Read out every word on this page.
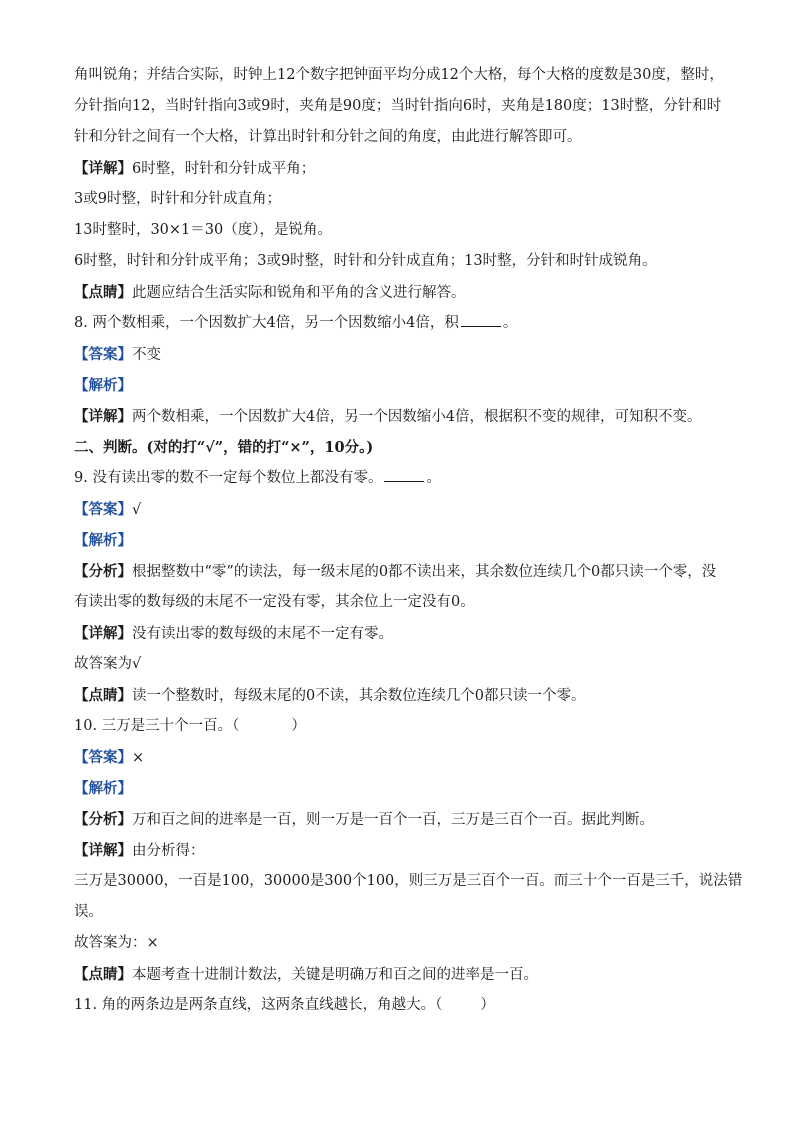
角叫锐角；并结合实际，时钟上12个数字把钟面平均分成12个大格，每个大格的度数是30度，整时，
分针指向12，当时针指向3或9时，夹角是90度；当时针指向6时，夹角是180度；13时整，分针和时
针和分针之间有一个大格，计算出时针和分针之间的角度，由此进行解答即可。
【详解】6时整，时针和分针成平角；
3或9时整，时针和分针成直角；
13时整时，30×1＝30（度），是锐角。
6时整，时针和分针成平角；3或9时整，时针和分针成直角；13时整，分针和时针成锐角。
【点睛】此题应结合生活实际和锐角和平角的含义进行解答。
8. 两个数相乘，一个因数扩大4倍，另一个因数缩小4倍，积	。
【答案】不变
【解析】
【详解】两个数相乘，一个因数扩大4倍，另一个因数缩小4倍，根据积不变的规律，可知积不变。
二、判断。(对的打“√”，错的打“×”，10分。)
9. 没有读出零的数不一定每个数位上都没有零。	。
【答案】√
【解析】
【分析】根据整数中“零”的读法，每一级末尾的0都不读出来，其余数位连续几个0都只读一个零，没
有读出零的数每级的末尾不一定没有零，其余位上一定没有0。
【详解】没有读出零的数每级的末尾不一定有零。
故答案为√
【点睛】读一个整数时，每级末尾的0不读，其余数位连续几个0都只读一个零。
10. 三万是三十个一百。（	）
【答案】×
【解析】
【分析】万和百之间的进率是一百，则一万是一百个一百，三万是三百个一百。据此判断。
【详解】由分析得：
三万是30000，一百是100，30000是300个100，则三万是三百个一百。而三十个一百是三千，说法错
误。
故答案为：×
【点睛】本题考查十进制计数法，关键是明确万和百之间的进率是一百。
11. 角的两条边是两条直线，这两条直线越长，角越大。（	）
